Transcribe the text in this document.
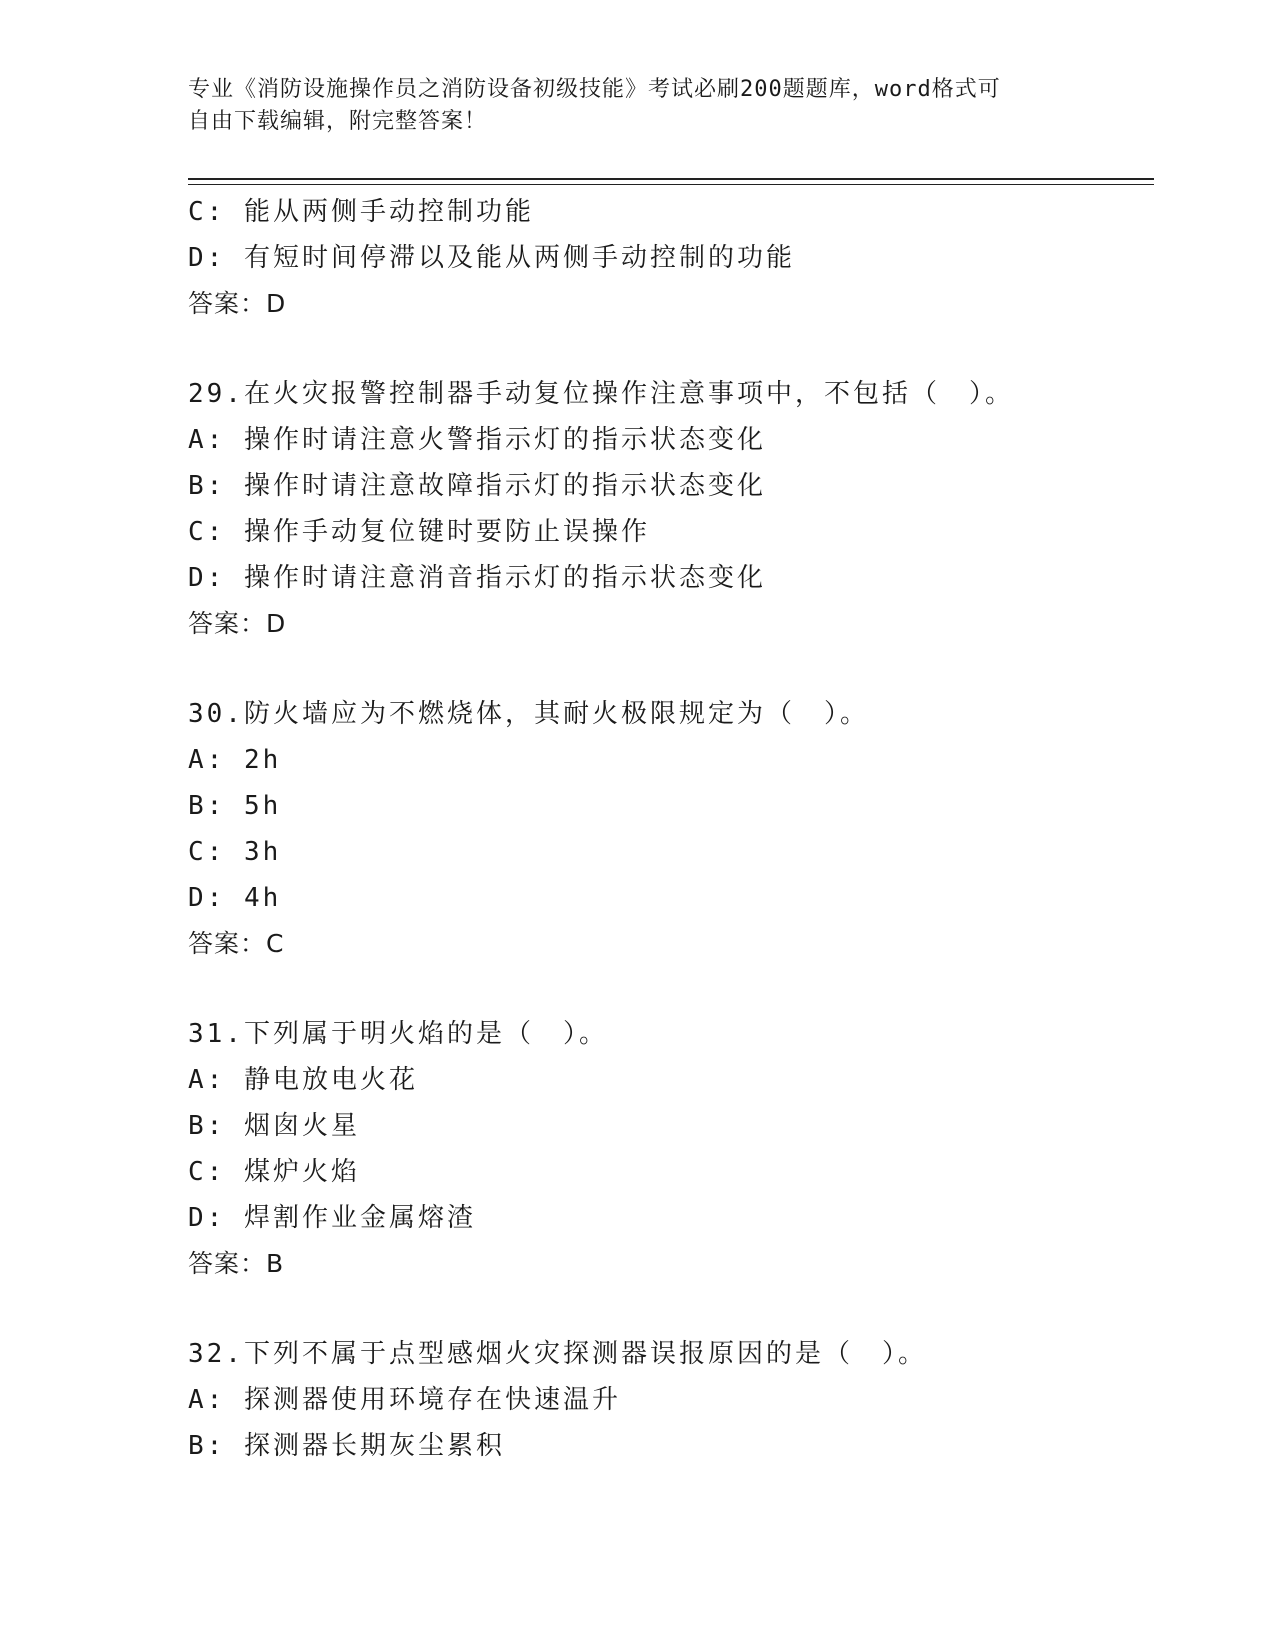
专业《消防设施操作员之消防设备初级技能》考试必刷200题题库，word格式可
自由下载编辑，附完整答案！
C: 能从两侧手动控制功能
D: 有短时间停滞以及能从两侧手动控制的功能
答案：D
29.在火灾报警控制器手动复位操作注意事项中，不包括（　）。
A: 操作时请注意火警指示灯的指示状态变化
B: 操作时请注意故障指示灯的指示状态变化
C: 操作手动复位键时要防止误操作
D: 操作时请注意消音指示灯的指示状态变化
答案：D
30.防火墙应为不燃烧体，其耐火极限规定为（　）。
A: 2h
B: 5h
C: 3h
D: 4h
答案：C
31.下列属于明火焰的是（　）。
A: 静电放电火花
B: 烟囱火星
C: 煤炉火焰
D: 焊割作业金属熔渣
答案：B
32.下列不属于点型感烟火灾探测器误报原因的是（　）。
A: 探测器使用环境存在快速温升
B: 探测器长期灰尘累积
